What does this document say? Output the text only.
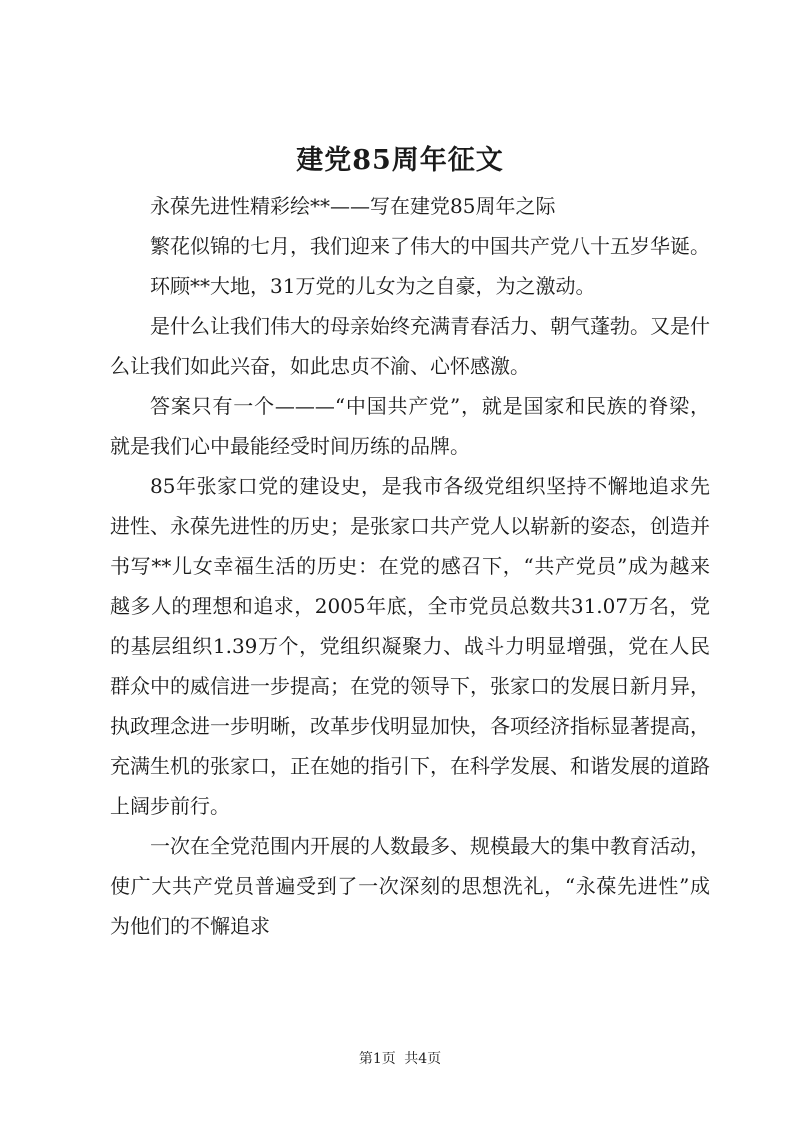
建党85周年征文

永葆先进性精彩绘**——写在建党85周年之际

繁花似锦的七月，我们迎来了伟大的中国共产党八十五岁华诞。

环顾**大地，31万党的儿女为之自豪，为之激动。

是什么让我们伟大的母亲始终充满青春活力、朝气蓬勃。又是什么让我们如此兴奋，如此忠贞不渝、心怀感激。

答案只有一个———“中国共产党”，就是国家和民族的脊梁，就是我们心中最能经受时间历练的品牌。

85年张家口党的建设史，是我市各级党组织坚持不懈地追求先进性、永葆先进性的历史；是张家口共产党人以崭新的姿态，创造并书写**儿女幸福生活的历史：在党的感召下，“共产党员”成为越来越多人的理想和追求，2005年底，全市党员总数共31.07万名，党的基层组织1.39万个，党组织凝聚力、战斗力明显增强，党在人民群众中的威信进一步提高；在党的领导下，张家口的发展日新月异，执政理念进一步明晰，改革步伐明显加快，各项经济指标显著提高，充满生机的张家口，正在她的指引下，在科学发展、和谐发展的道路上阔步前行。

一次在全党范围内开展的人数最多、规模最大的集中教育活动，使广大共产党员普遍受到了一次深刻的思想洗礼，“永葆先进性”成为他们的不懈追求

第1页 共4页
